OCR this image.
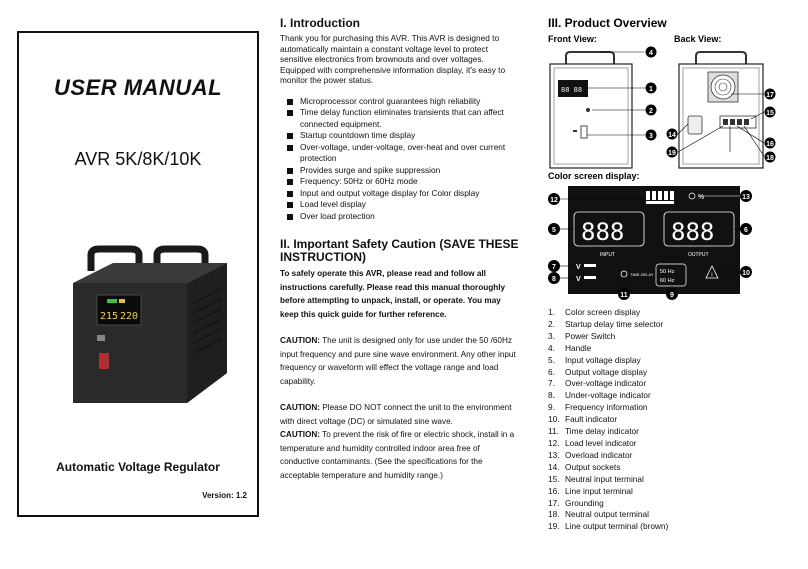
USER MANUAL
AVR 5K/8K/10K
215 220
Automatic Voltage Regulator
Version: 1.2
I. Introduction

Thank you for purchasing this AVR. This AVR is designed to automatically maintain a constant voltage level to protect sensitive electronics from brownouts and over voltages. Equipped with comprehensive information display, it's easy to monitor the power status.

Microprocessor control guarantees high reliability
Time delay function eliminates transients that can affect connected equipment.
Startup countdown time display
Over-voltage, under-voltage, over-heat and over current protection
Provides surge and spike suppression
Frequency: 50Hz or 60Hz mode
Input and output voltage display for Color display
Load level display
Over load protection
II. Important Safety Caution (SAVE THESE INSTRUCTION)
To safely operate this AVR, please read and follow all instructions carefully. Please read this manual thoroughly before attempting to unpack, install, or operate. You may keep this quick guide for further reference.

CAUTION: The unit is designed only for use under the 50 /60Hz input frequency and pure sine wave environment. Any other input frequency or waveform will effect the voltage range and load capability.

CAUTION: Please DO NOT connect the unit to the environment with direct voltage (DC) or simulated sine wave.

CAUTION: To prevent the risk of fire or electric shock, install in a temperature and humidity controlled indoor area free of conductive contaminants. (See the specifications for the acceptable temperature and humidity range.)

III. Product Overview
Front View:	Back View:
88 88	1
2
3
4
17
15
16
18
14
19
Color screen display:
%
888 888
INPUT	OUTPUT
V
V
TIME DELAY 50 Hz
60 Hz
!
12	13
5	6
7
8
11	9
10
1. Color screen display
2. Startup delay time selector
3. Power Switch
4. Handle
5. Input voltage display
6. Output voltage display
7. Over-voltage indicator
8. Under-voltage indicator
9. Frequency information
10. Fault indicator
11. Time delay indicator
12. Load level indicator
13. Overload indicator
14. Output sockets
15. Neutral input terminal
16. Line input terminal
17. Grounding
18. Neutral output terminal
19. Line output terminal (brown)
